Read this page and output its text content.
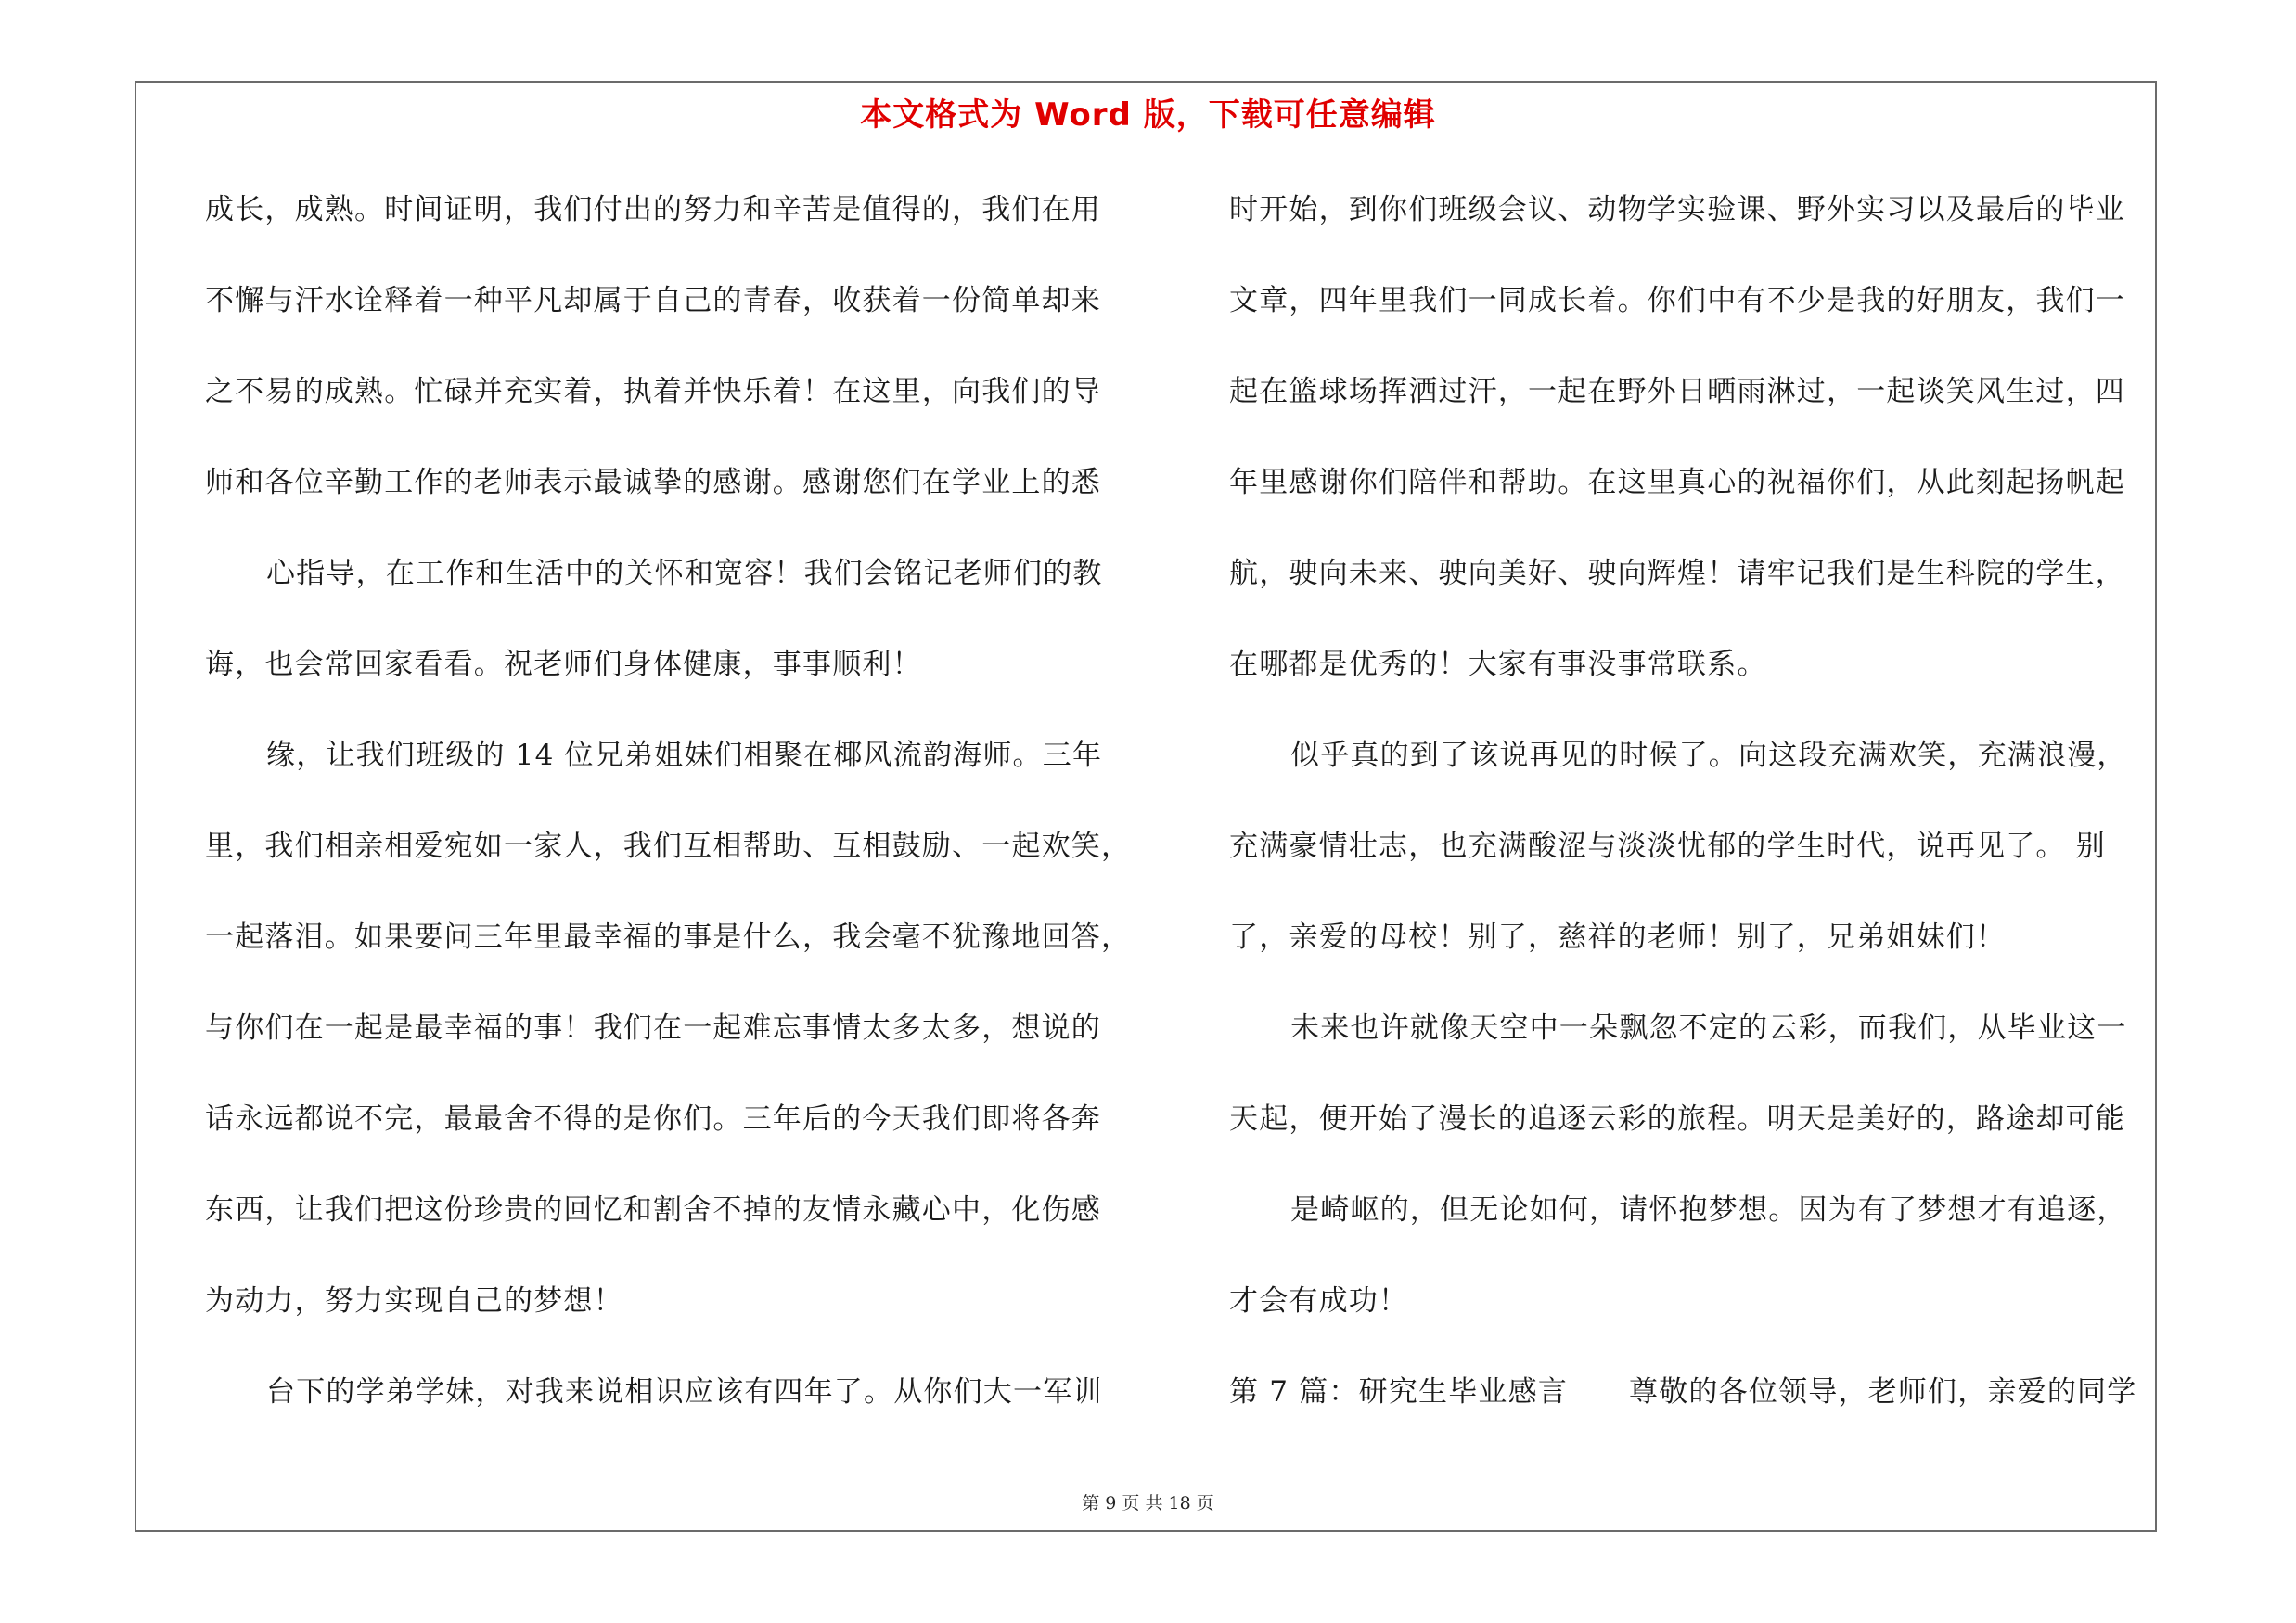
本文格式为 Word 版，下载可任意编辑
成长，成熟。时间证明，我们付出的努力和辛苦是值得的，我们在用
不懈与汗水诠释着一种平凡却属于自己的青春，收获着一份简单却来
之不易的成熟。忙碌并充实着，执着并快乐着！在这里，向我们的导
师和各位辛勤工作的老师表示最诚挚的感谢。感谢您们在学业上的悉
心指导，在工作和生活中的关怀和宽容！我们会铭记老师们的教
诲，也会常回家看看。祝老师们身体健康，事事顺利！
缘，让我们班级的 14 位兄弟姐妹们相聚在椰风流韵海师。三年
里，我们相亲相爱宛如一家人，我们互相帮助、互相鼓励、一起欢笑，
一起落泪。如果要问三年里最幸福的事是什么，我会毫不犹豫地回答，
与你们在一起是最幸福的事！我们在一起难忘事情太多太多，想说的
话永远都说不完，最最舍不得的是你们。三年后的今天我们即将各奔
东西，让我们把这份珍贵的回忆和割舍不掉的友情永藏心中，化伤感
为动力，努力实现自己的梦想！
台下的学弟学妹，对我来说相识应该有四年了。从你们大一军训
时开始，到你们班级会议、动物学实验课、野外实习以及最后的毕业
文章，四年里我们一同成长着。你们中有不少是我的好朋友，我们一
起在篮球场挥洒过汗，一起在野外日晒雨淋过，一起谈笑风生过，四
年里感谢你们陪伴和帮助。在这里真心的祝福你们，从此刻起扬帆起
航，驶向未来、驶向美好、驶向辉煌！请牢记我们是生科院的学生，
在哪都是优秀的！大家有事没事常联系。
似乎真的到了该说再见的时候了。向这段充满欢笑，充满浪漫，
充满豪情壮志，也充满酸涩与淡淡忧郁的学生时代，说再见了。 别
了，亲爱的母校！别了，慈祥的老师！别了，兄弟姐妹们！
未来也许就像天空中一朵飘忽不定的云彩，而我们，从毕业这一
天起，便开始了漫长的追逐云彩的旅程。明天是美好的，路途却可能
是崎岖的，但无论如何，请怀抱梦想。因为有了梦想才有追逐，
才会有成功！
第 7 篇：研究生毕业感言 尊敬的各位领导，老师们，亲爱的同学
第 9 页 共 18 页
